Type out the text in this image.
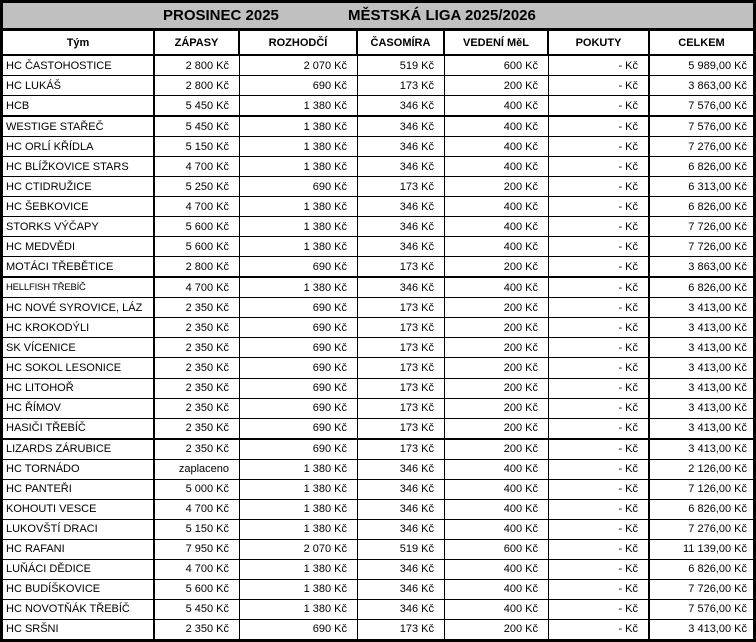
PROSINEC 2025	MĚSTSKÁ LIGA 2025/2026
Tým	ZÁPASY	ROZHODČÍ	ČASOMÍRA	VEDENÍ MěL	POKUTY	CELKEM
HC ČASTOHOSTICE	2 800 Kč	2 070 Kč	519 Kč	600 Kč	- Kč	5 989,00 Kč
HC LUKÁŠ	2 800 Kč	690 Kč	173 Kč	200 Kč	- Kč	3 863,00 Kč
HCB	5 450 Kč	1 380 Kč	346 Kč	400 Kč	- Kč	7 576,00 Kč
WESTIGE STAŘEČ	5 450 Kč	1 380 Kč	346 Kč	400 Kč	- Kč	7 576,00 Kč
HC ORLÍ KŘÍDLA	5 150 Kč	1 380 Kč	346 Kč	400 Kč	- Kč	7 276,00 Kč
HC BLÍŽKOVICE STARS	4 700 Kč	1 380 Kč	346 Kč	400 Kč	- Kč	6 826,00 Kč
HC CTIDRUŽICE	5 250 Kč	690 Kč	173 Kč	200 Kč	- Kč	6 313,00 Kč
HC ŠEBKOVICE	4 700 Kč	1 380 Kč	346 Kč	400 Kč	- Kč	6 826,00 Kč
STORKS VÝČAPY	5 600 Kč	1 380 Kč	346 Kč	400 Kč	- Kč	7 726,00 Kč
HC MEDVĚDI	5 600 Kč	1 380 Kč	346 Kč	400 Kč	- Kč	7 726,00 Kč
MOTÁCI TŘEBĚTICE	2 800 Kč	690 Kč	173 Kč	200 Kč	- Kč	3 863,00 Kč
HELLFISH TŘEBÍČ	4 700 Kč	1 380 Kč	346 Kč	400 Kč	- Kč	6 826,00 Kč
HC NOVÉ SYROVICE, LÁZ	2 350 Kč	690 Kč	173 Kč	200 Kč	- Kč	3 413,00 Kč
HC KROKODÝLI	2 350 Kč	690 Kč	173 Kč	200 Kč	- Kč	3 413,00 Kč
SK VÍCENICE	2 350 Kč	690 Kč	173 Kč	200 Kč	- Kč	3 413,00 Kč
HC SOKOL LESONICE	2 350 Kč	690 Kč	173 Kč	200 Kč	- Kč	3 413,00 Kč
HC LITOHOŘ	2 350 Kč	690 Kč	173 Kč	200 Kč	- Kč	3 413,00 Kč
HC ŘÍMOV	2 350 Kč	690 Kč	173 Kč	200 Kč	- Kč	3 413,00 Kč
HASIČI TŘEBÍČ	2 350 Kč	690 Kč	173 Kč	200 Kč	- Kč	3 413,00 Kč
LIZARDS ZÁRUBICE	2 350 Kč	690 Kč	173 Kč	200 Kč	- Kč	3 413,00 Kč
HC TORNÁDO	zaplaceno	1 380 Kč	346 Kč	400 Kč	- Kč	2 126,00 Kč
HC PANTEŘI	5 000 Kč	1 380 Kč	346 Kč	400 Kč	- Kč	7 126,00 Kč
KOHOUTI VESCE	4 700 Kč	1 380 Kč	346 Kč	400 Kč	- Kč	6 826,00 Kč
LUKOVŠTÍ DRACI	5 150 Kč	1 380 Kč	346 Kč	400 Kč	- Kč	7 276,00 Kč
HC RAFANI	7 950 Kč	2 070 Kč	519 Kč	600 Kč	- Kč	11 139,00 Kč
LUŇÁCI DĚDICE	4 700 Kč	1 380 Kč	346 Kč	400 Kč	- Kč	6 826,00 Kč
HC BUDÍŠKOVICE	5 600 Kč	1 380 Kč	346 Kč	400 Kč	- Kč	7 726,00 Kč
HC NOVOTŇÁK TŘEBÍČ	5 450 Kč	1 380 Kč	346 Kč	400 Kč	- Kč	7 576,00 Kč
HC SRŠNI	2 350 Kč	690 Kč	173 Kč	200 Kč	- Kč	3 413,00 Kč
